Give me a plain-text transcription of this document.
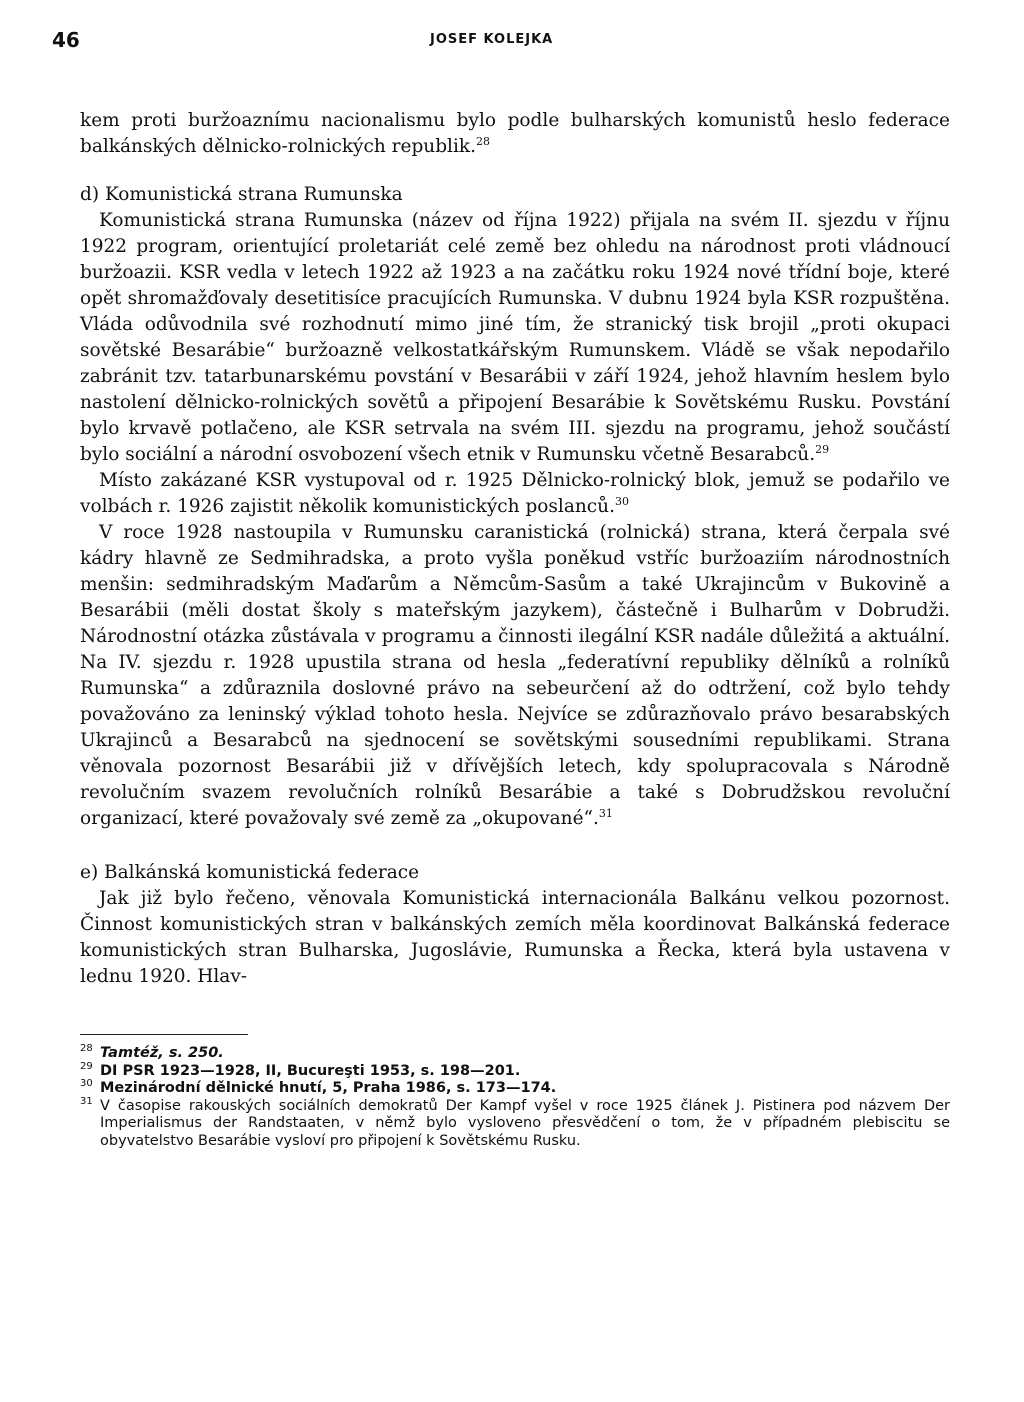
46	JOSEF KOLEJKA

kem proti buržoaznímu nacionalismu bylo podle bulharských komunistů heslo federace balkánských dělnicko-rolnických republik.$^{28}$

d) Komunistická strana Rumunska

Komunistická strana Rumunska (název od října 1922) přijala na svém II. sjezdu v říjnu 1922 program, orientující proletariát celé země bez ohledu na národnost proti vládnoucí buržoazii. KSR vedla v letech 1922 až 1923 a na začátku roku 1924 nové třídní boje, které opět shromažďovaly desetitisíce pracujících Rumunska. V dubnu 1924 byla KSR rozpuštěna. Vláda odůvodnila své rozhodnutí mimo jiné tím, že stranický tisk brojil „proti okupaci sovětské Besarábie“ buržoazně velkostatkářským Rumunskem. Vládě se však nepodařilo zabránit tzv. tatarbunarskému povstání v Besarábii v září 1924, jehož hlavním heslem bylo nastolení dělnicko-rolnických sovětů a připojení Besarábie k Sovětskému Rusku. Povstání bylo krvavě potlačeno, ale KSR setrvala na svém III. sjezdu na programu, jehož součástí bylo sociální a národní osvobození všech etnik v Rumunsku včetně Besarabců.$^{29}$

Místo zakázané KSR vystupoval od r. 1925 Dělnicko-rolnický blok, jemuž se podařilo ve volbách r. 1926 zajistit několik komunistických poslanců.$^{30}$

V roce 1928 nastoupila v Rumunsku caranistická (rolnická) strana, která čerpala své kádry hlavně ze Sedmihradska, a proto vyšla poněkud vstříc buržoaziím národnostních menšin: sedmihradským Maďarům a Němcům-Sasům a také Ukrajincům v Bukovině a Besarábii (měli dostat školy s mateřským jazykem), částečně i Bulharům v Dobrudži. Národnostní otázka zůstávala v programu a činnosti ilegální KSR nadále důležitá a aktuální. Na IV. sjezdu r. 1928 upustila strana od hesla „federatívní republiky dělníků a rolníků Rumunska“ a zdůraznila doslovné právo na sebeurčení až do odtržení, což bylo tehdy považováno za leninský výklad tohoto hesla. Nejvíce se zdůrazňovalo právo besarabských Ukrajinců a Besarabců na sjednocení se sovětskými sousedními republikami. Strana věnovala pozornost Besarábii již v dřívějších letech, kdy spolupracovala s Národně revolučním svazem revolučních rolníků Besarábie a také s Dobrudžskou revoluční organizací, které považovaly své země za „okupované“.$^{31}$

e) Balkánská komunistická federace

Jak již bylo řečeno, věnovala Komunistická internacionála Balkánu velkou pozornost. Činnost komunistických stran v balkánských zemích měla koordinovat Balkánská federace komunistických stran Bulharska, Jugoslávie, Rumunska a Řecka, která byla ustavena v lednu 1920. Hlav-

28 Tamtéž, s. 250.

29 DI PSR 1923—1928, II, Bucureşti 1953, s. 198—201.

30 Mezinárodní dělnické hnutí, 5, Praha 1986, s. 173—174.

31 V časopise rakouských sociálních demokratů Der Kampf vyšel v roce 1925 článek J. Pistinera pod názvem Der Imperialismus der Randstaaten, v němž bylo vysloveno přesvědčení o tom, že v případném plebiscitu se obyvatelstvo Besarábie vysloví pro připojení k Sovětskému Rusku.
